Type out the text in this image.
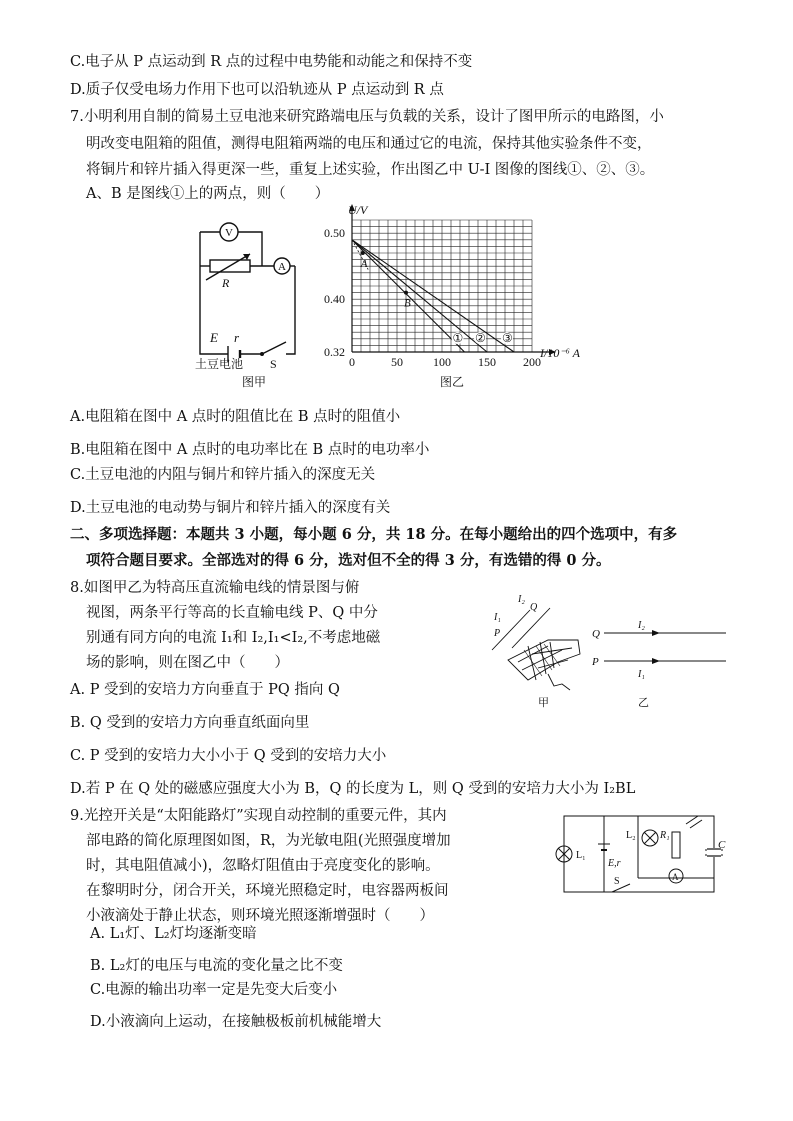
C.电子从 P 点运动到 R 点的过程中电势能和动能之和保持不变
D.质子仅受电场力作用下也可以沿轨迹从 P 点运动到 R 点
7.小明利用自制的简易土豆电池来研究路端电压与负载的关系，设计了图甲所示的电路图，小
明改变电阻箱的阻值，测得电阻箱两端的电压和通过它的电流，保持其他实验条件不变，
将铜片和锌片插入得更深一些，重复上述实验，作出图乙中 U-I 图像的图线①、②、③。
A、B 是图线①上的两点，则（　　）
V
A
R
E r
S
土豆电池
图甲
① ② ③
0	50	100 150 200
0.32
0.40
0.50
A
B
U/V
I/10⁻⁶ A
图乙
A.电阻箱在图中 A 点时的阻值比在 B 点时的阻值小
B.电阻箱在图中 A 点时的电功率比在 B 点时的电功率小
C.土豆电池的内阻与铜片和锌片插入的深度无关
D.土豆电池的电动势与铜片和锌片插入的深度有关
二、多项选择题：本题共 3 小题，每小题 6 分，共 18 分。在每小题给出的四个选项中，有多
项符合题目要求。全部选对的得 6 分，选对但不全的得 3 分，有选错的得 0 分。
8.如图甲乙为特高压直流输电线的情景图与俯
视图，两条平行等高的长直输电线 P、Q 中分
别通有同方向的电流 I₁和 I₂,I₁<I₂,不考虑地磁
场的影响，则在图乙中（　　）
I₁
I₂
Q
P
甲
Q
P
I₂
I₁
乙
A. P 受到的安培力方向垂直于 PQ 指向 Q
B. Q 受到的安培力方向垂直纸面向里
C. P 受到的安培力大小小于 Q 受到的安培力大小
D.若 P 在 Q 处的磁感应强度大小为 B，Q 的长度为 L，则 Q 受到的安培力大小为 I₂BL
9.光控开关是“太阳能路灯”实现自动控制的重要元件，其内
部电路的简化原理图如图，R，为光敏电阻(光照强度增加
时，其电阻值减小)，忽略灯阻值由于亮度变化的影响。
在黎明时分，闭合开关，环境光照稳定时，电容器两板间
小液滴处于静止状态，则环境光照逐渐增强时（　　）
L₁
L₂ R₁
E,r
C
S	A
A. L₁灯、L₂灯均逐渐变暗
B. L₂灯的电压与电流的变化量之比不变
C.电源的输出功率一定是先变大后变小
D.小液滴向上运动，在接触极板前机械能增大
